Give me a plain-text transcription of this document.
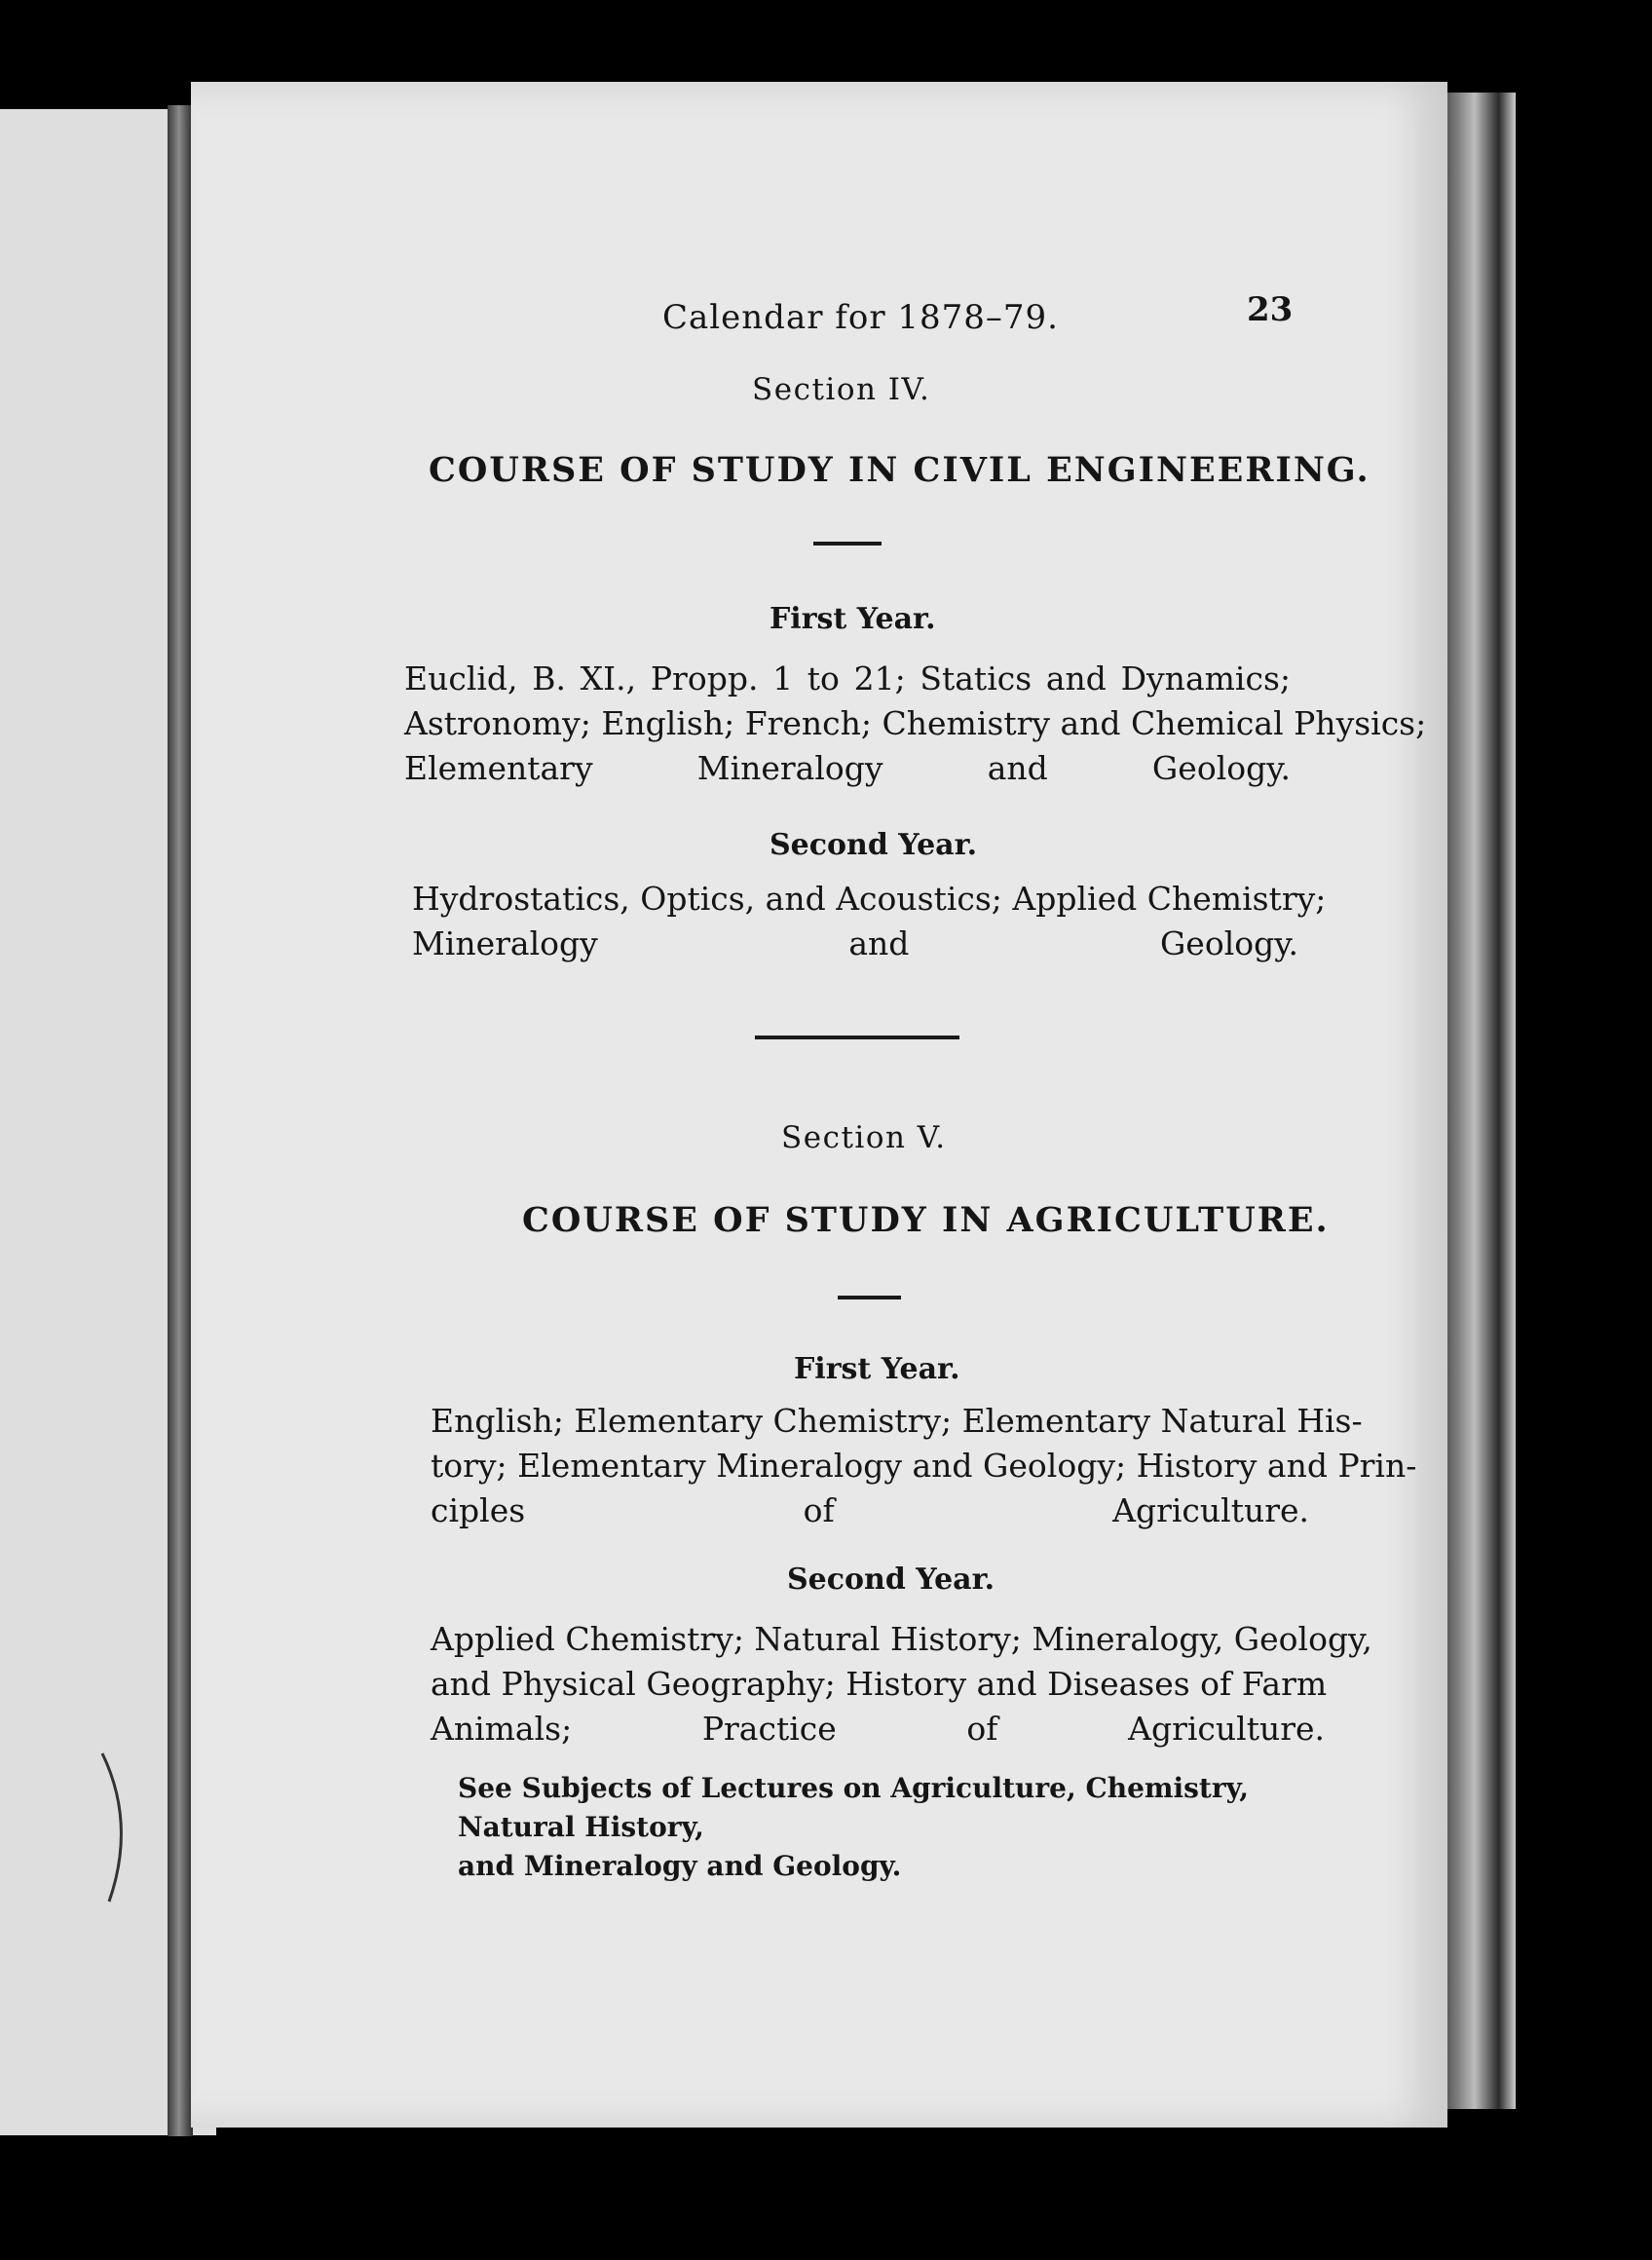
Calendar for 1878–79.	23

Section IV.

COURSE OF STUDY IN CIVIL ENGINEERING.

First Year.

Euclid, B. XI., Propp. 1 to 21; Statics and Dynamics;
Astronomy; English; French; Chemistry and Chemical Physics;
Elementary Mineralogy and Geology.

Second Year.

Hydrostatics, Optics, and Acoustics; Applied Chemistry;
Mineralogy and Geology.

Section V.

COURSE OF STUDY IN AGRICULTURE.

First Year.

English; Elementary Chemistry; Elementary Natural His-
tory; Elementary Mineralogy and Geology; History and Prin-
ciples of Agriculture.

Second Year.

Applied Chemistry; Natural History; Mineralogy, Geology,
and Physical Geography; History and Diseases of Farm
Animals; Practice of Agriculture.
See Subjects of Lectures on Agriculture, Chemistry, Natural History,
and Mineralogy and Geology.
